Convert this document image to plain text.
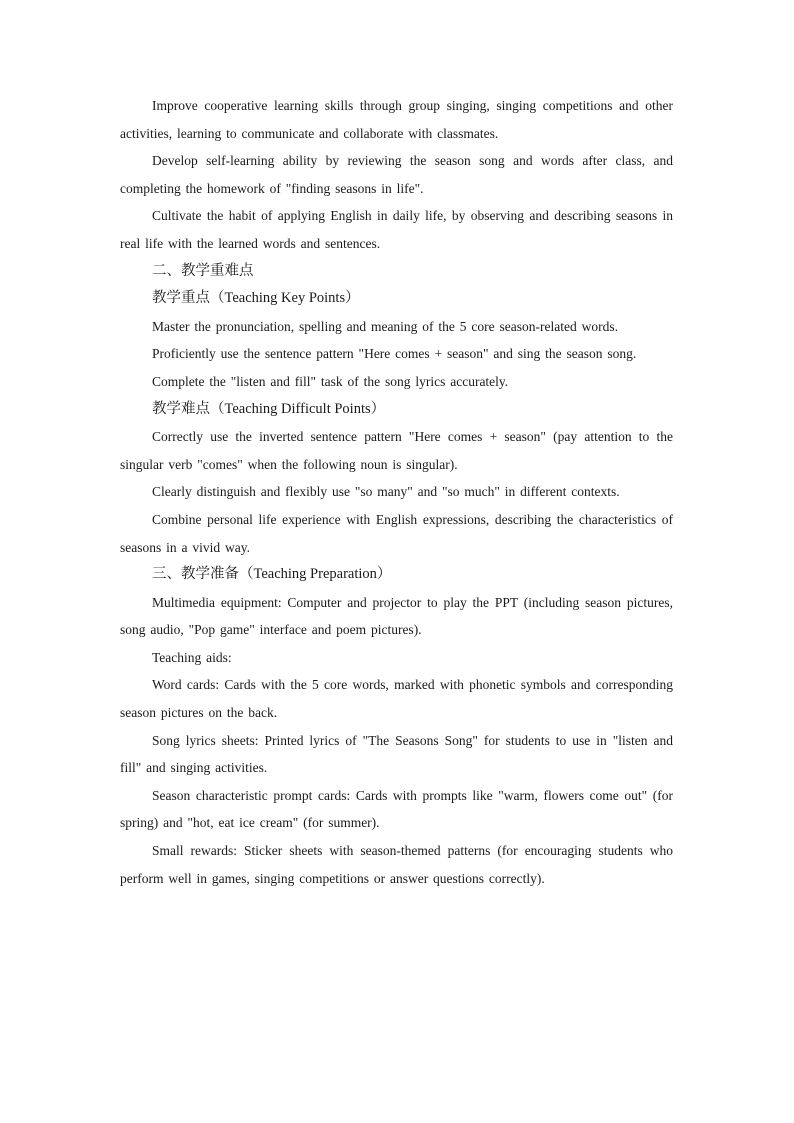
Improve cooperative learning skills through group singing, singing competitions and other activities, learning to communicate and collaborate with classmates.

Develop self-learning ability by reviewing the season song and words after class, and completing the homework of "finding seasons in life".

Cultivate the habit of applying English in daily life, by observing and describing seasons in real life with the learned words and sentences.

二、教学重难点

教学重点（Teaching Key Points）

Master the pronunciation, spelling and meaning of the 5 core season-related words.

Proficiently use the sentence pattern "Here comes + season" and sing the season song.

Complete the "listen and fill" task of the song lyrics accurately.

教学难点（Teaching Difficult Points）

Correctly use the inverted sentence pattern "Here comes + season" (pay attention to the singular verb "comes" when the following noun is singular).

Clearly distinguish and flexibly use "so many" and "so much" in different contexts.

Combine personal life experience with English expressions, describing the characteristics of seasons in a vivid way.

三、教学准备（Teaching Preparation）

Multimedia equipment: Computer and projector to play the PPT (including season pictures, song audio, "Pop game" interface and poem pictures).

Teaching aids:

Word cards: Cards with the 5 core words, marked with phonetic symbols and corresponding season pictures on the back.

Song lyrics sheets: Printed lyrics of "The Seasons Song" for students to use in "listen and fill" and singing activities.

Season characteristic prompt cards: Cards with prompts like "warm, flowers come out" (for spring) and "hot, eat ice cream" (for summer).

Small rewards: Sticker sheets with season-themed patterns (for encouraging students who perform well in games, singing competitions or answer questions correctly).
